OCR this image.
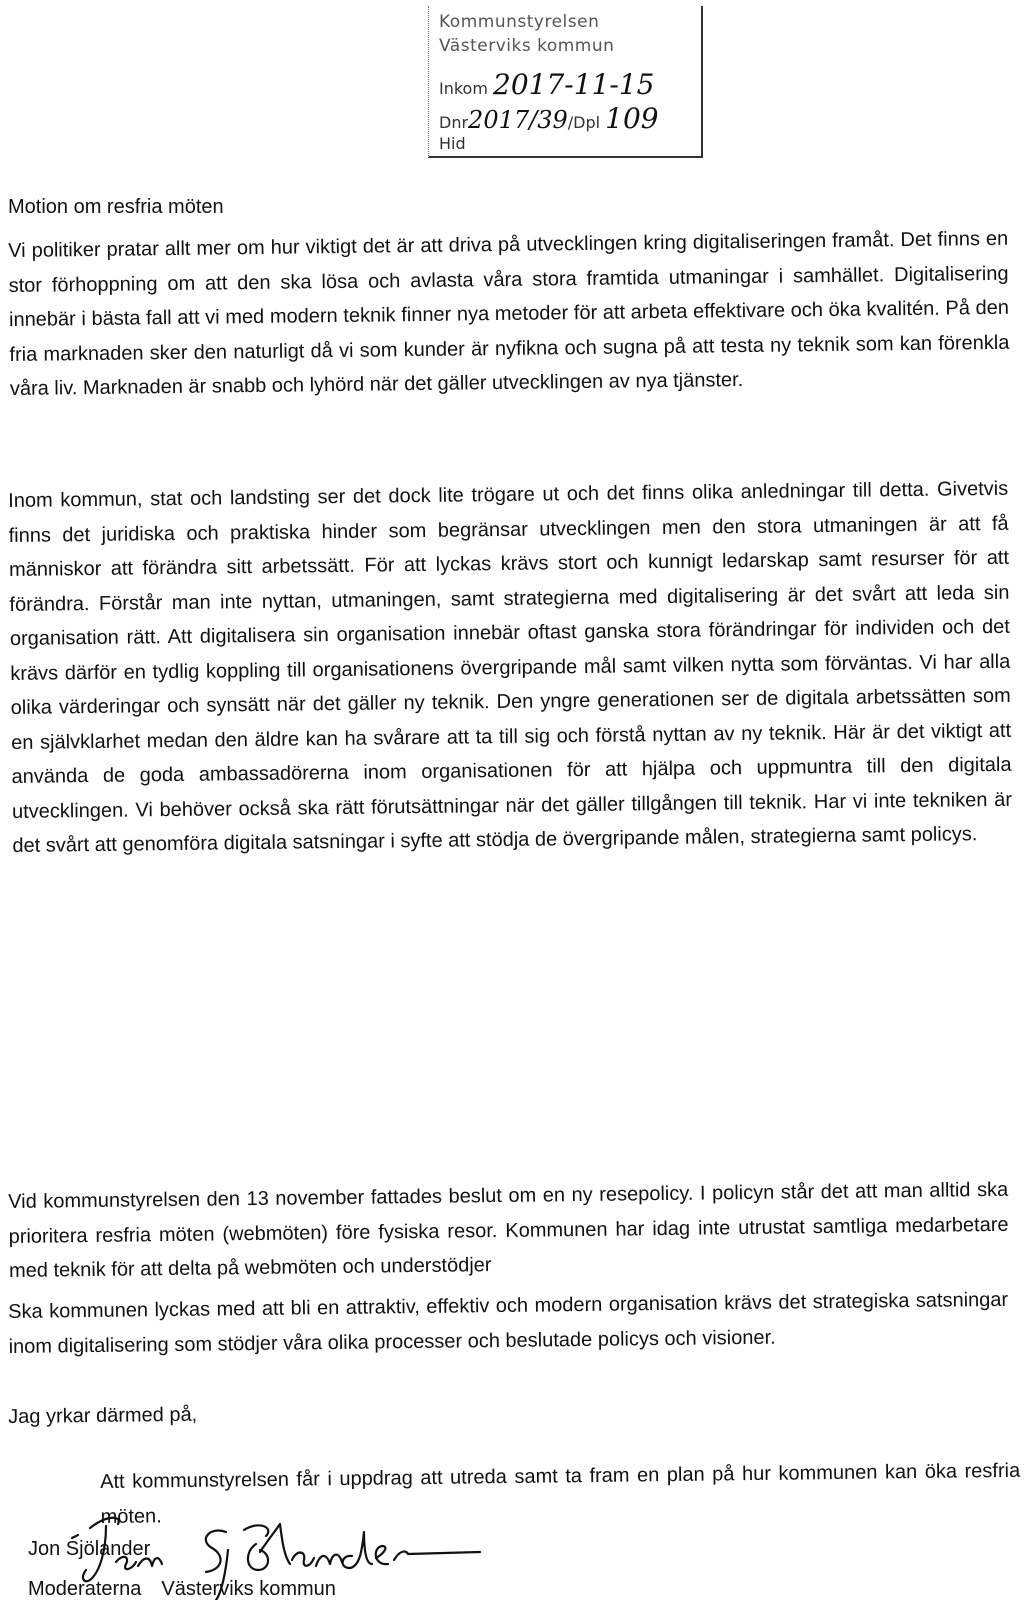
Kommunstyrelsen
Västerviks kommun
Inkom 2017-11-15
Dnr2017/39/Dpl 109
Hid
Motion om resfria möten
Vi politiker pratar allt mer om hur viktigt det är att driva på utvecklingen kring digitaliseringen framåt. Det finns en stor förhoppning om att den ska lösa och avlasta våra stora framtida utmaningar i samhället. Digitalisering innebär i bästa fall att vi med modern teknik finner nya metoder för att arbeta effektivare och öka kvalitén. På den fria marknaden sker den naturligt då vi som kunder är nyfikna och sugna på att testa ny teknik som kan förenkla våra liv. Marknaden är snabb och lyhörd när det gäller utvecklingen av nya tjänster.
Inom kommun, stat och landsting ser det dock lite trögare ut och det finns olika anledningar till detta. Givetvis finns det juridiska och praktiska hinder som begränsar utvecklingen men den stora utmaningen är att få människor att förändra sitt arbetssätt. För att lyckas krävs stort och kunnigt ledarskap samt resurser för att förändra. Förstår man inte nyttan, utmaningen, samt strategierna med digitalisering är det svårt att leda sin organisation rätt. Att digitalisera sin organisation innebär oftast ganska stora förändringar för individen och det krävs därför en tydlig koppling till organisationens övergripande mål samt vilken nytta som förväntas. Vi har alla olika värderingar och synsätt när det gäller ny teknik. Den yngre generationen ser de digitala arbetssätten som en självklarhet medan den äldre kan ha svårare att ta till sig och förstå nyttan av ny teknik. Här är det viktigt att använda de goda ambassadörerna inom organisationen för att hjälpa och uppmuntra till den digitala utvecklingen. Vi behöver också ska rätt förutsättningar när det gäller tillgången till teknik. Har vi inte tekniken är det svårt att genomföra digitala satsningar i syfte att stödja de övergripande målen, strategierna samt policys.
Vid kommunstyrelsen den 13 november fattades beslut om en ny resepolicy. I policyn står det att man alltid ska prioritera resfria möten (webmöten) före fysiska resor. Kommunen har idag inte utrustat samtliga medarbetare med teknik för att delta på webmöten och understödjer
Ska kommunen lyckas med att bli en attraktiv, effektiv och modern organisation krävs det strategiska satsningar inom digitalisering som stödjer våra olika processer och beslutade policys och visioner.
Jag yrkar därmed på,
Att kommunstyrelsen får i uppdrag att utreda samt ta fram en plan på hur kommunen kan öka resfria möten.
Jon Sjölander
Moderaterna Västerviks kommun
